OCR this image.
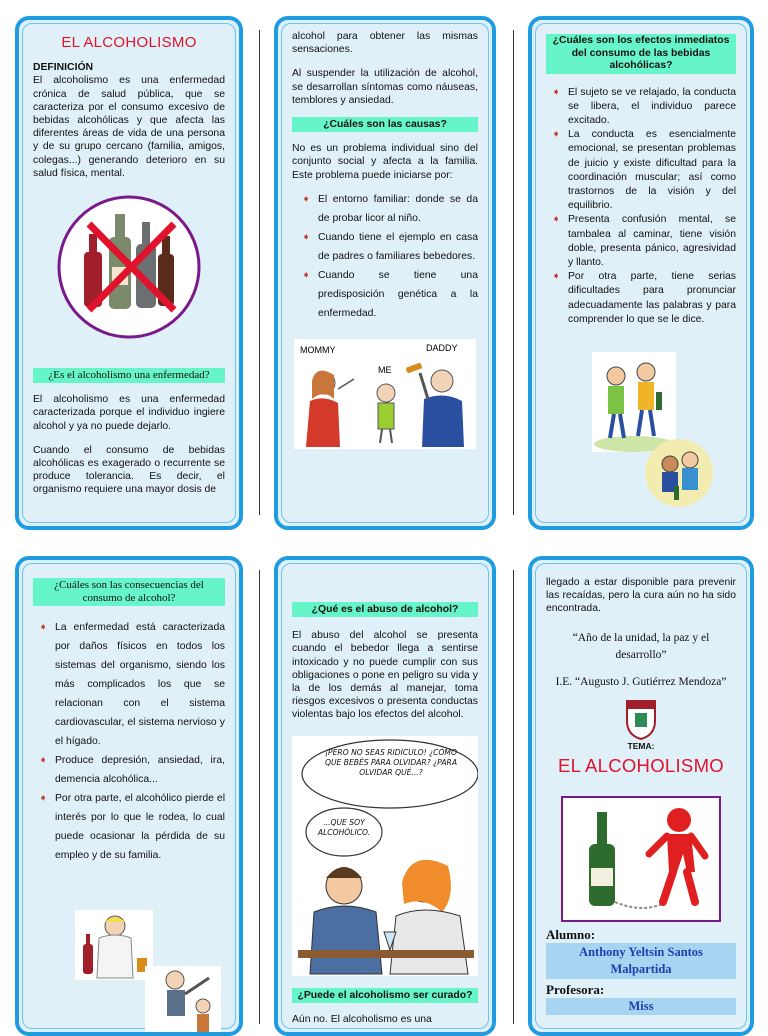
EL ALCOHOLISMO
DEFINICIÓN
El alcoholismo es una enfermedad crónica de salud pública, que se caracteriza por el consumo excesivo de bebidas alcohólicas y que afecta las diferentes áreas de vida de una persona y de su grupo cercano (familia, amigos, colegas...) generando deterioro en su salud física, mental.
¿Es el alcoholismo una enfermedad?
El alcoholismo es una enfermedad caracterizada porque el individuo ingiere alcohol y ya no puede dejarlo.
Cuando el consumo de bebidas alcohólicas es exagerado o recurrente se produce tolerancia. Es decir, el organismo requiere una mayor dosis de
alcohol para obtener las mismas sensaciones.
Al suspender la utilización de alcohol, se desarrollan síntomas como náuseas, temblores y ansiedad.
¿Cuáles son las causas?
No es un problema individual sino del conjunto social y afecta a la familia. Este problema puede iniciarse por:
➧ El entorno familiar: donde se da de probar licor al niño.
➧ Cuando tiene el ejemplo en casa de padres o familiares bebedores.
➧ Cuando se tiene una predisposición genética a la enfermedad.
MOMMY
ME
DADDY
¿Cuáles son los efectos inmediatos del consumo de las bebidas alcohólicas?
➧ El sujeto se ve relajado, la conducta se libera, el individuo parece excitado.
➧ La conducta es esencialmente emocional, se presentan problemas de juicio y existe dificultad para la coordinación muscular; así como trastornos de la visión y del equilibrio.
➧ Presenta confusión mental, se tambalea al caminar, tiene visión doble, presenta pánico, agresividad y llanto.
➧ Por otra parte, tiene serias dificultades para pronunciar adecuadamente las palabras y para comprender lo que se le dice.
¿Cuáles son las consecuencias del consumo de alcohol?
➧ La enfermedad está caracterizada por daños físicos en todos los sistemas del organismo, siendo los más complicados los que se relacionan con el sistema cardiovascular, el sistema nervioso y el hígado.
➧ Produce depresión, ansiedad, ira, demencia alcohólica...
➧ Por otra parte, el alcohólico pierde el interés por lo que le rodea, lo cual puede ocasionar la pérdida de su empleo y de su familia.
¿Qué es el abuso de alcohol?
El abuso del alcohol se presenta cuando el bebedor llega a sentirse intoxicado y no puede cumplir con sus obligaciones o pone en peligro su vida y la de los demás al manejar, toma riesgos excesivos o presenta conductas violentas bajo los efectos del alcohol.
¡PERO NO SEAS RIDÍCULO! ¿CÓMO QUE BEBÉS PARA OLVIDAR? ¿PARA OLVIDAR QUÉ...?
...QUE SOY ALCOHÓLICO.
¿Puede el alcoholismo ser curado?
Aún no. El alcoholismo es una
llegado a estar disponible para prevenir las recaídas, pero la cura aún no ha sido encontrada.
“Año de la unidad, la paz y el desarrollo”
I.E. “Augusto J. Gutiérrez Mendoza”
TEMA:
EL ALCOHOLISMO
Alumno:
Anthony Yeltsin Santos Malpartida
Profesora:
Miss
